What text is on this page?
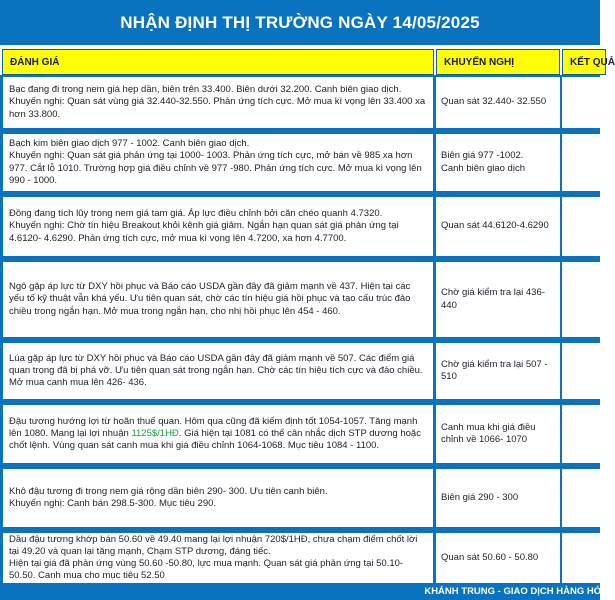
NHẬN ĐỊNH THỊ TRƯỜNG NGÀY 14/05/2025
ĐÁNH GIÁ	KHUYẾN NGHỊ	KẾT QUẢ
Bạc đang đi trong nem giá hẹp dần, biên trên 33.400. Biên dưới 32.200. Canh biên giao dịch.
Khuyến nghị: Quan sát vùng giá 32.440-32.550. Phản ứng tích cực. Mở mua kì vọng lên 33.400 xa hơn 33.800.
Quan sát 32.440- 32.550
Bạch kim biên giao dịch 977 - 1002. Canh biên giao dịch.
Khuyến nghị: Quan sát giá phản ứng tại 1000- 1003. Phản ứng tích cực, mở bán về 985 xa hơn 977. Cắt lỗ 1010. Trường hợp giá điều chỉnh về 977 -980. Phản ứng tích cực. Mở mua kì vọng lên 990 - 1000.
Biên giá 977 -1002.
Canh biên giao dịch
Đồng đang tích lũy trong nem giá tam giá. Áp lực điều chỉnh bởi căn chéo quanh 4.7320.
Khuyến nghị: Chờ tín hiệu Breakout khỏi kênh giá giảm. Ngắn hạn quan sát giá phản ứng tại 4.6120- 4.6290. Phản ứng tích cực, mở mua kì vọng lên 4.7200, xa hơn 4.7700.
Quan sát 44.6120-4.6290
Ngô gặp áp lực từ DXY hồi phục và Báo cáo USDA gần đây đã giảm mạnh về 437. Hiện tại các yếu tố kỹ thuật vẫn khá yếu. Ưu tiên quan sát, chờ các tín hiệu giá hồi phục và tạo cấu trúc đảo chiều trong ngắn hạn. Mở mua trong ngắn hạn, cho nhị hồi phục lên 454 - 460.
Chờ giá kiểm tra lại 436-440
Lúa gặp áp lực từ DXY hồi phục và Báo cáo USDA gần đây đã giảm mạnh về 507. Các điểm giá quan trọng đã bị phá vỡ. Ưu tiên quan sát trong ngắn hạn. Chờ các tín hiệu tích cực và đảo chiều. Mở mua canh mua lên 426- 436.
Chờ giá kiểm tra lại 507 - 510
Đậu tương hướng lợi từ hoãn thuế quan. Hôm qua cũng đã kiếm định tốt 1054-1057. Tăng mạnh lên 1080. Mang lại lợi nhuận 1125$/1HĐ. Giá hiện tại 1081 có thể cân nhắc dịch STP dương hoặc chốt lệnh. Vùng quan sát canh mua khi giá điều chỉnh 1064-1068. Mục tiêu 1084 - 1100.
Canh mua khi giá điều chỉnh về 1066- 1070
Khô đậu tương đi trong nem giá rộng dần biên 290- 300. Ưu tiên canh biên.
Khuyến nghị: Canh bán 298.5-300. Mục tiêu 290.
Biên giá 290 - 300
Dầu đậu tương khớp bán 50.60 về 49.40 mang lại lợi nhuận 720$/1HĐ, chưa chạm điểm chốt lời tại 49.20 và quan lại tăng mạnh, Chạm STP dương, đáng tiếc.
Hiện tại giá đã phản ứng vùng 50.60 -50.80, lực mua mạnh. Quan sát giá phản ứng tại 50.10- 50.50. Canh mua cho mục tiêu 52.50
Quan sát 50.60 - 50.80
KHÁNH TRUNG - GIAO DỊCH HÀNG HÓA
